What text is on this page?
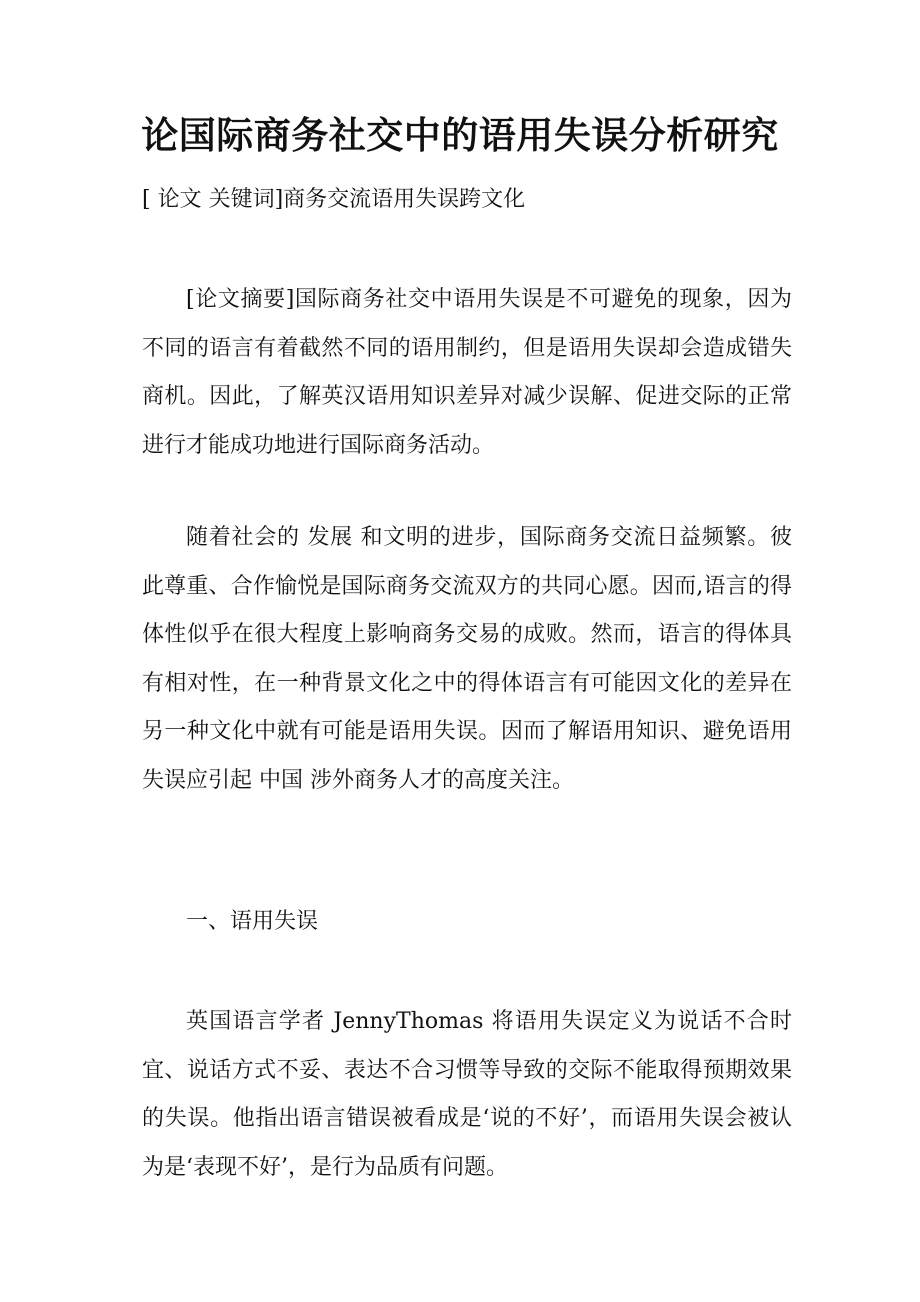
论国际商务社交中的语用失误分析研究
[ 论文 关键词]商务交流语用失误跨文化

[论文摘要]国际商务社交中语用失误是不可避免的现象，因为不同的语言有着截然不同的语用制约，但是语用失误却会造成错失商机。因此，了解英汉语用知识差异对减少误解、促进交际的正常进行才能成功地进行国际商务活动。

随着社会的 发展 和文明的进步，国际商务交流日益频繁。彼此尊重、合作愉悦是国际商务交流双方的共同心愿。因而,语言的得体性似乎在很大程度上影响商务交易的成败。然而，语言的得体具有相对性，在一种背景文化之中的得体语言有可能因文化的差异在另一种文化中就有可能是语用失误。因而了解语用知识、避免语用失误应引起 中国 涉外商务人才的高度关注。

一、语用失误

英国语言学者 JennyThomas 将语用失误定义为说话不合时宜、说话方式不妥、表达不合习惯等导致的交际不能取得预期效果的失误。他指出语言错误被看成是‘说的不好’，而语用失误会被认为是‘表现不好’，是行为品质有问题。
